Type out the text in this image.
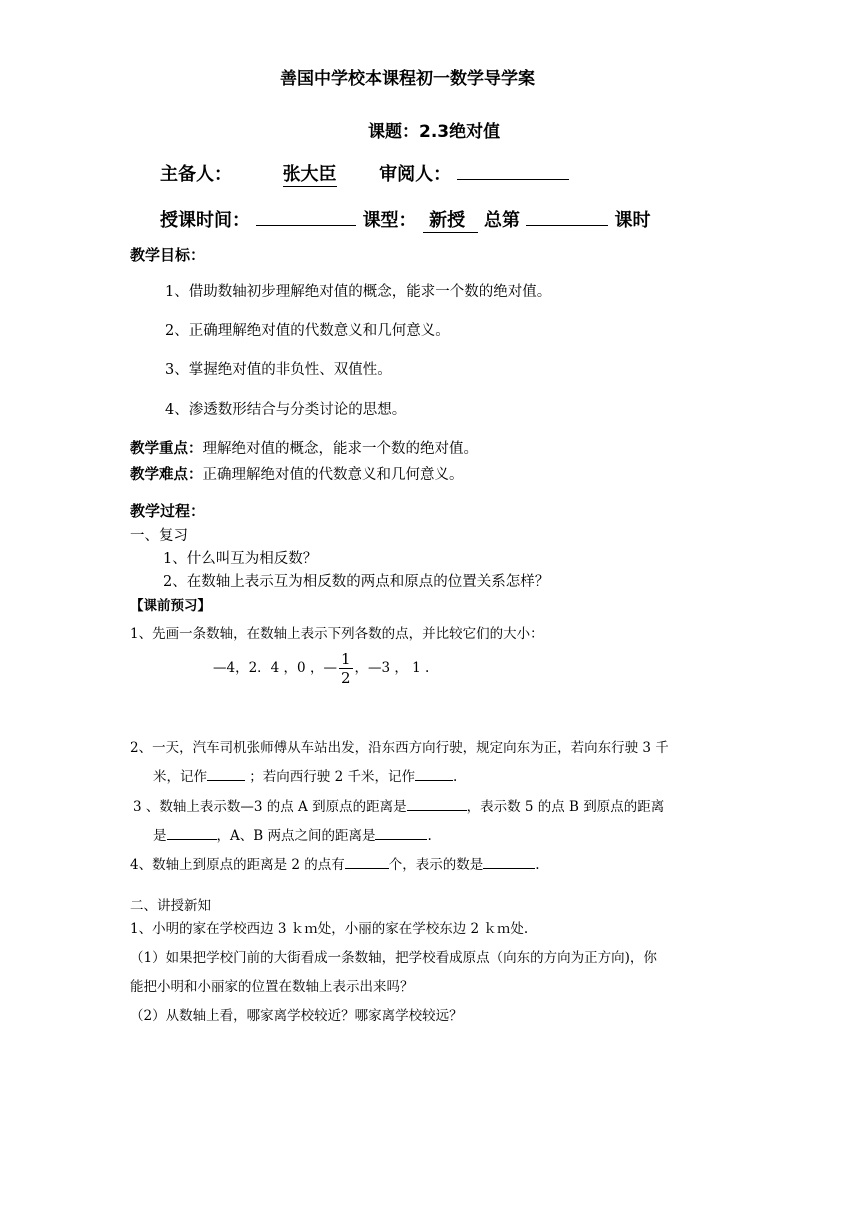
善国中学校本课程初一数学导学案
课题：2.3绝对值
主备人：	张大臣 审阅人：
授课时间：	课型： 新授 总第	课时
教学目标：
1、借助数轴初步理解绝对值的概念，能求一个数的绝对值。
2、正确理解绝对值的代数意义和几何意义。
3、掌握绝对值的非负性、双值性。
4、渗透数形结合与分类讨论的思想。
教学重点：理解绝对值的概念，能求一个数的绝对值。
教学难点：正确理解绝对值的代数意义和几何意义。
教学过程：
一、复习
1、什么叫互为相反数？
2、在数轴上表示互为相反数的两点和原点的位置关系怎样？
【课前预习】
1、先画一条数轴，在数轴上表示下列各数的点，并比较它们的大小：
—4，2．4 ，0 ，— $\frac{1}{2}$ ，—3 ， 1 .
2、一天，汽车司机张师傅从车站出发，沿东西方向行驶，规定向东为正，若向东行驶 3 千
米，记作	；若向西行驶 2 千米，记作	.
3 、数轴上表示数—3 的点 A 到原点的距离是	，表示数 5 的点 B 到原点的距离
是	，A、B 两点之间的距离是	.
4、数轴上到原点的距离是 2 的点有	个，表示的数是	.
二、讲授新知
1、小明的家在学校西边 3 ｋｍ处，小丽的家在学校东边 2 ｋｍ处.
（1）如果把学校门前的大街看成一条数轴，把学校看成原点（向东的方向为正方向)，你
能把小明和小丽家的位置在数轴上表示出来吗？
（2）从数轴上看，哪家离学校较近？哪家离学校较远？
